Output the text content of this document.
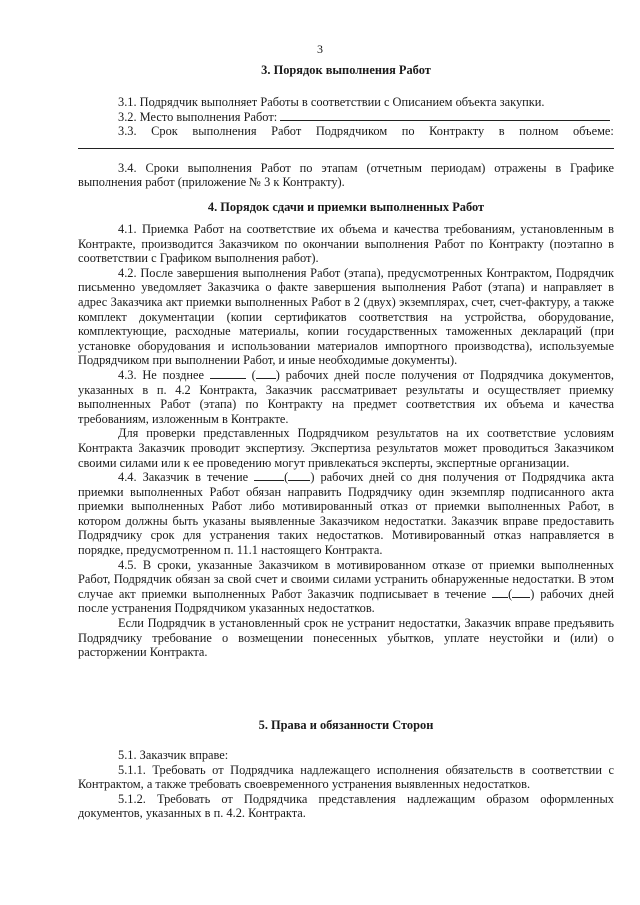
3
3. Порядок выполнения Работ

3.1. Подрядчик выполняет Работы в соответствии с Описанием объекта закупки.

3.2. Место выполнения Работ:

3.3. Срок выполнения Работ Подрядчиком по Контракту в полном объеме:

3.4. Сроки выполнения Работ по этапам (отчетным периодам) отражены в Графике выполнения работ (приложение № 3 к Контракту).

4. Порядок сдачи и приемки выполненных Работ

4.1. Приемка Работ на соответствие их объема и качества требованиям, установленным в Контракте, производится Заказчиком по окончании выполнения Работ по Контракту (поэтапно в соответствии с Графиком выполнения работ).

4.2. После завершения выполнения Работ (этапа), предусмотренных Контрактом, Подрядчик письменно уведомляет Заказчика о факте завершения выполнения Работ (этапа) и направляет в адрес Заказчика акт приемки выполненных Работ в 2 (двух) экземплярах, счет, счет-фактуру, а также комплект документации (копии сертификатов соответствия на устройства, оборудование, комплектующие, расходные материалы, копии государственных таможенных деклараций (при установке оборудования и использовании материалов импортного производства), используемые Подрядчиком при выполнении Работ, и иные необходимые документы).

4.3. Не позднее	( ) рабочих дней после получения от Подрядчика документов, указанных в п. 4.2 Контракта, Заказчик рассматривает результаты и осуществляет приемку выполненных Работ (этапа) по Контракту на предмет соответствия их объема и качества требованиям, изложенным в Контракте.

Для проверки представленных Подрядчиком результатов на их соответствие условиям Контракта Заказчик проводит экспертизу. Экспертиза результатов может проводиться Заказчиком своими силами или к ее проведению могут привлекаться эксперты, экспертные организации.

4.4. Заказчик в течение	( ) рабочих дней со дня получения от Подрядчика акта приемки выполненных Работ обязан направить Подрядчику один экземпляр подписанного акта приемки выполненных Работ либо мотивированный отказ от приемки выполненных Работ, в котором должны быть указаны выявленные Заказчиком недостатки. Заказчик вправе предоставить Подрядчику срок для устранения таких недостатков. Мотивированный отказ направляется в порядке, предусмотренном п. 11.1 настоящего Контракта.

4.5. В сроки, указанные Заказчиком в мотивированном отказе от приемки выполненных Работ, Подрядчик обязан за свой счет и своими силами устранить обнаруженные недостатки. В этом случае акт приемки выполненных Работ Заказчик подписывает в течение ( ) рабочих дней после устранения Подрядчиком указанных недостатков.

Если Подрядчик в установленный срок не устранит недостатки, Заказчик вправе предъявить Подрядчику требование о возмещении понесенных убытков, уплате неустойки и (или) о расторжении Контракта.

5. Права и обязанности Сторон

5.1. Заказчик вправе:

5.1.1. Требовать от Подрядчика надлежащего исполнения обязательств в соответствии с Контрактом, а также требовать своевременного устранения выявленных недостатков.

5.1.2. Требовать от Подрядчика представления надлежащим образом оформленных документов, указанных в п. 4.2. Контракта.
